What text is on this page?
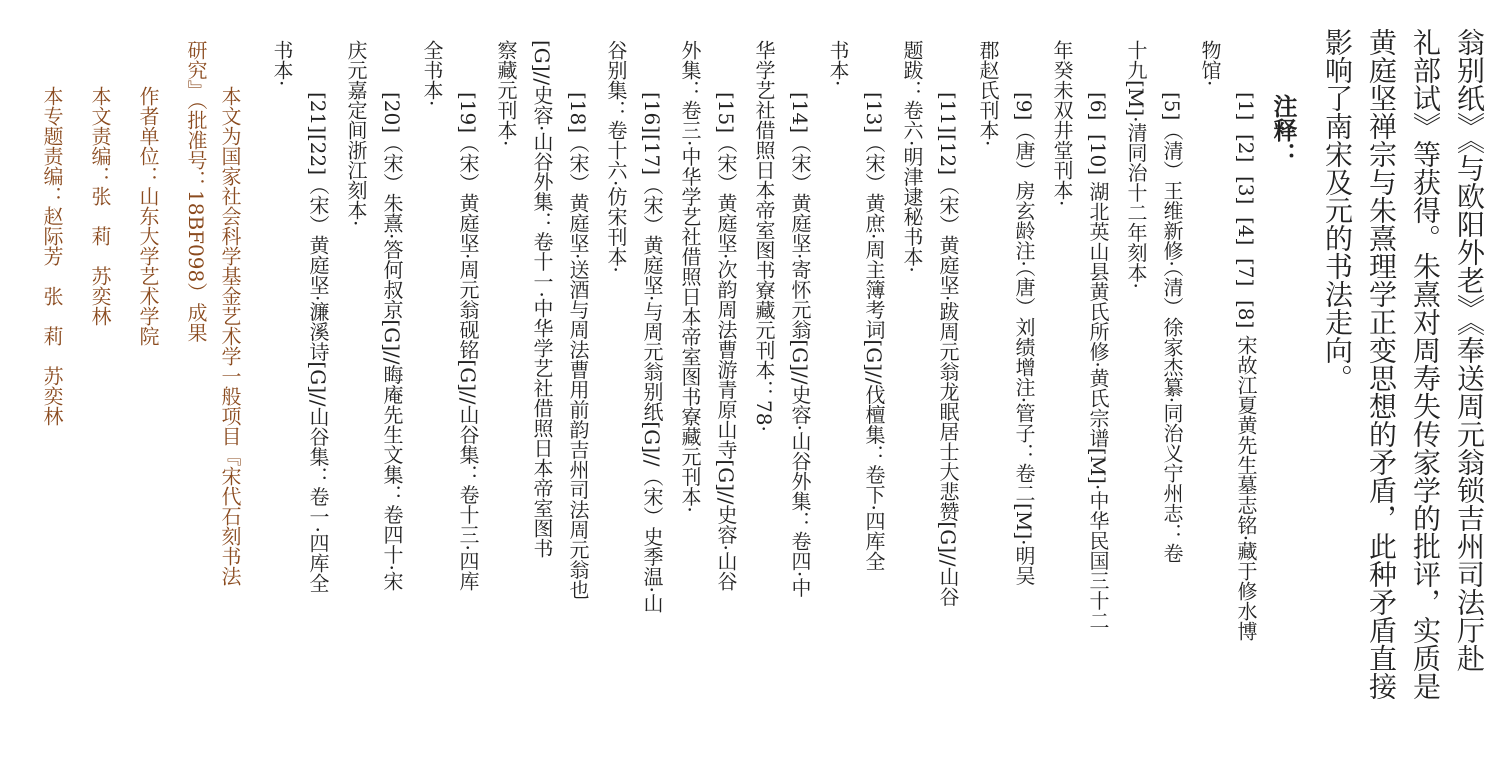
翁别纸》《与欧阳外老》《奉送周元翁锁吉州司法厅赴
礼部试》等获得。朱熹对周寿失传家学的批评，实质是
黄庭坚禅宗与朱熹理学正变思想的矛盾，此种矛盾直接
影响了南宋及元的书法走向。
注释：
[1]
[2]
[3]
[4]
[7]
[8] 宋故江夏黄先生墓志铭·藏于修水博
物馆·
[5]（清）王维新修·（清）徐家杰纂·同治义宁州志：卷
十九[M]·清同治十二年刻本·
[6]
[10] 湖北英山县黄氏所修·黄氏宗谱[M]·中华民国三十二
年癸未双井堂刊本·
[9]（唐）房玄龄注·（唐）刘绩增注·管子：卷二[M]·明吴
郡赵氏刊本·
[11]
[12]（宋）黄庭坚·跋周元翁龙眠居士大悲赞[G]//山谷
题跋：卷六·明津逮秘书本·
[13]（宋）黄庶·周主簿考词[G]//伐檀集：卷下·四库全
书本·
[14]（宋）黄庭坚·寄怀元翁[G]//史容·山谷外集：卷四·中
华学艺社借照日本帝室图书寮藏元刊本：78·
[15]（宋）黄庭坚·次韵周法曹游青原山寺[G]//史容·山谷
外集：卷三·中华学艺社借照日本帝室图书寮藏元刊本·
[16]
[17]（宋）黄庭坚·与周元翁别纸[G]//（宋）史季温·山
谷别集：卷十六·仿宋刊本·
[18]（宋）黄庭坚·送酒与周法曹用前韵吉州司法周元翁也
[G]//史容·山谷外集：卷十一·中华学艺社借照日本帝室图书
察藏元刊本·
[19]（宋）黄庭坚·周元翁砚铭[G]//山谷集：卷十三·四库
全书本·
[20]（宋）朱熹·答何叔京[G]//晦庵先生文集：卷四十·宋
庆元嘉定间浙江刻本·
[21]
[22]（宋）黄庭坚·濂溪诗[G]//山谷集：卷一·四库全
书本·
本文为国家社会科学基金艺术学一般项目『宋代石刻书法
研究』（批准号：18BF098）成果
作者单位：山东大学艺术学院
本文责编：张　莉　苏奕林
本专题责编：赵际芳　张　莉　苏奕林
